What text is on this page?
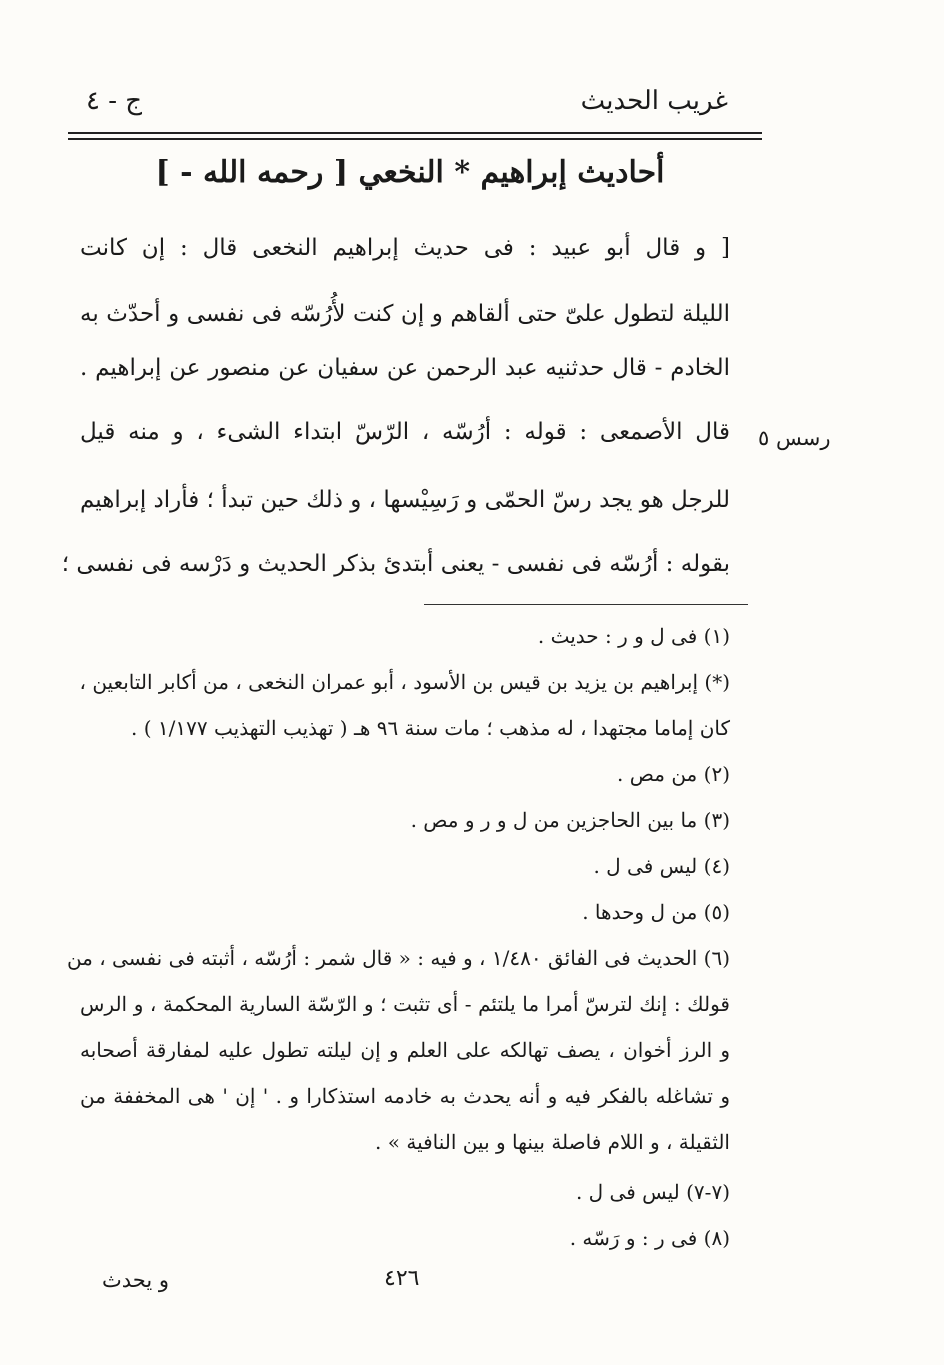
ج - ٤	غريب الحديث
أحاديث إبراهيم * النخعي [ رحمه الله - ]
[ و قال أبو عبيد : فى حديث إبراهيم النخعى قال : إن كانت
الليلة لتطول علىّ حتى ألقاهم و إن كنت لأُرُسّه فى نفسى و أحدّث به
الخادم - قال حدثنيه عبد الرحمن عن سفيان عن منصور عن إبراهيم .
قال الأصمعى : قوله : أرُسّه ، الرّسّ ابتداء الشىء ، و منه قيل
للرجل هو يجد رسّ الحمّى و رَسِيْسها ، و ذلك حين تبدأ ؛ فأراد إبراهيم
بقوله : أرُسّه فى نفسى - يعنى أبتدئ بذكر الحديث و دَرْسه فى نفسى ؛
رسس ٥
(١) فى ل و ر : حديث .
(*) إبراهيم بن يزيد بن قيس بن الأسود ، أبو عمران النخعى ، من أكابر التابعين ،
كان إماما مجتهدا ، له مذهب ؛ مات سنة ٩٦ هـ ( تهذيب التهذيب ١/١٧٧ ) .
(٢) من مص .
(٣) ما بين الحاجزين من ل و ر و مص .
(٤) ليس فى ل .
(٥) من ل وحدها .
(٦) الحديث فى الفائق ١/٤٨٠ ، و فيه : « قال شمر : أرُسّه ، أثبته فى نفسى ، من
قولك : إنك لترسّ أمرا ما يلتئم - أى تثبت ؛ و الرّسّة السارية المحكمة ، و الرس
و الرز أخوان ، يصف تهالكه على العلم و إن ليلته تطول عليه لمفارقة أصحابه
و تشاغله بالفكر فيه و أنه يحدث به خادمه استذكارا و . ' إن ' هى المخففة من
الثقيلة ، و اللام فاصلة بينها و بين النافية » .
(٧-٧) ليس فى ل .
(٨) فى ر : و رَسّه .
و يحدث	٤٢٦
